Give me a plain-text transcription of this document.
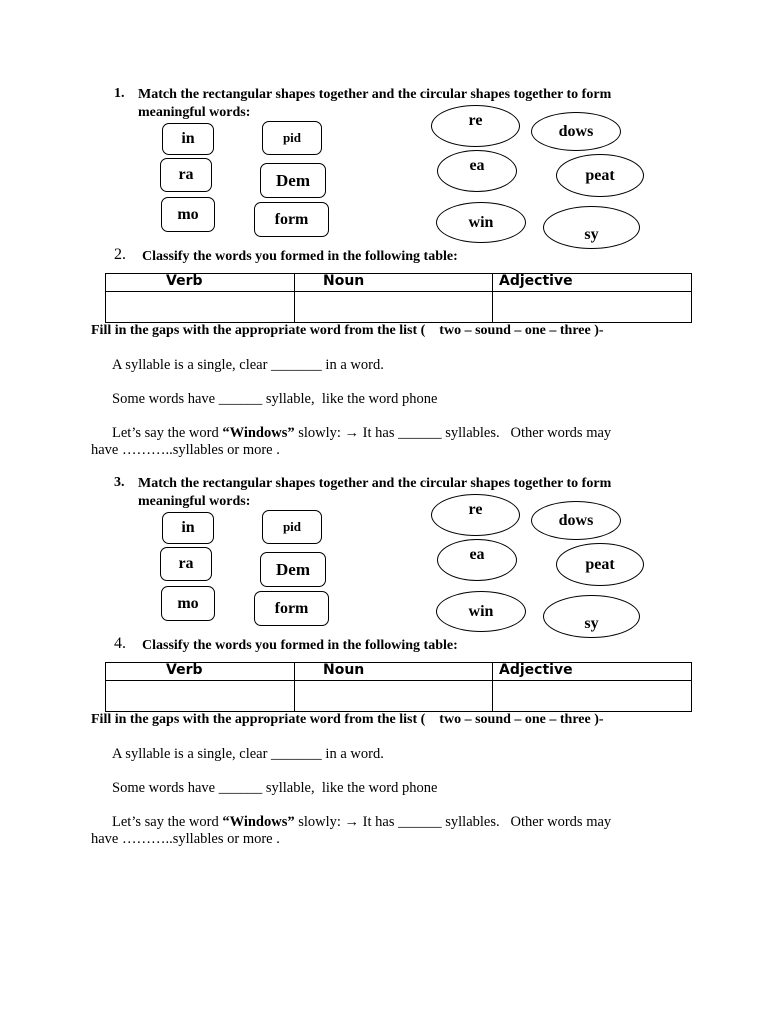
1. Match the rectangular shapes together and the circular shapes together to form
meaningful words:
in
ra
mo
pid
Dem
form
re
ea
win
dows
peat
sy
2. Classify the words you formed in the following table:
Verb	Noun	Adjective

Fill in the gaps with the appropriate word from the list (    two – sound – one – three )-
A syllable is a single, clear _______ in a word.
Some words have ______ syllable,  like the word phone
Let’s say the word “Windows” slowly: → It has ______ syllables.   Other words may
have ………..syllables or more .
3. Match the rectangular shapes together and the circular shapes together to form
meaningful words:
in
ra
mo
pid
Dem
form
re
ea
win
dows
peat
sy
4. Classify the words you formed in the following table:
Verb	Noun	Adjective

Fill in the gaps with the appropriate word from the list (    two – sound – one – three )-
A syllable is a single, clear _______ in a word.
Some words have ______ syllable,  like the word phone
Let’s say the word “Windows” slowly: → It has ______ syllables.   Other words may
have ………..syllables or more .
